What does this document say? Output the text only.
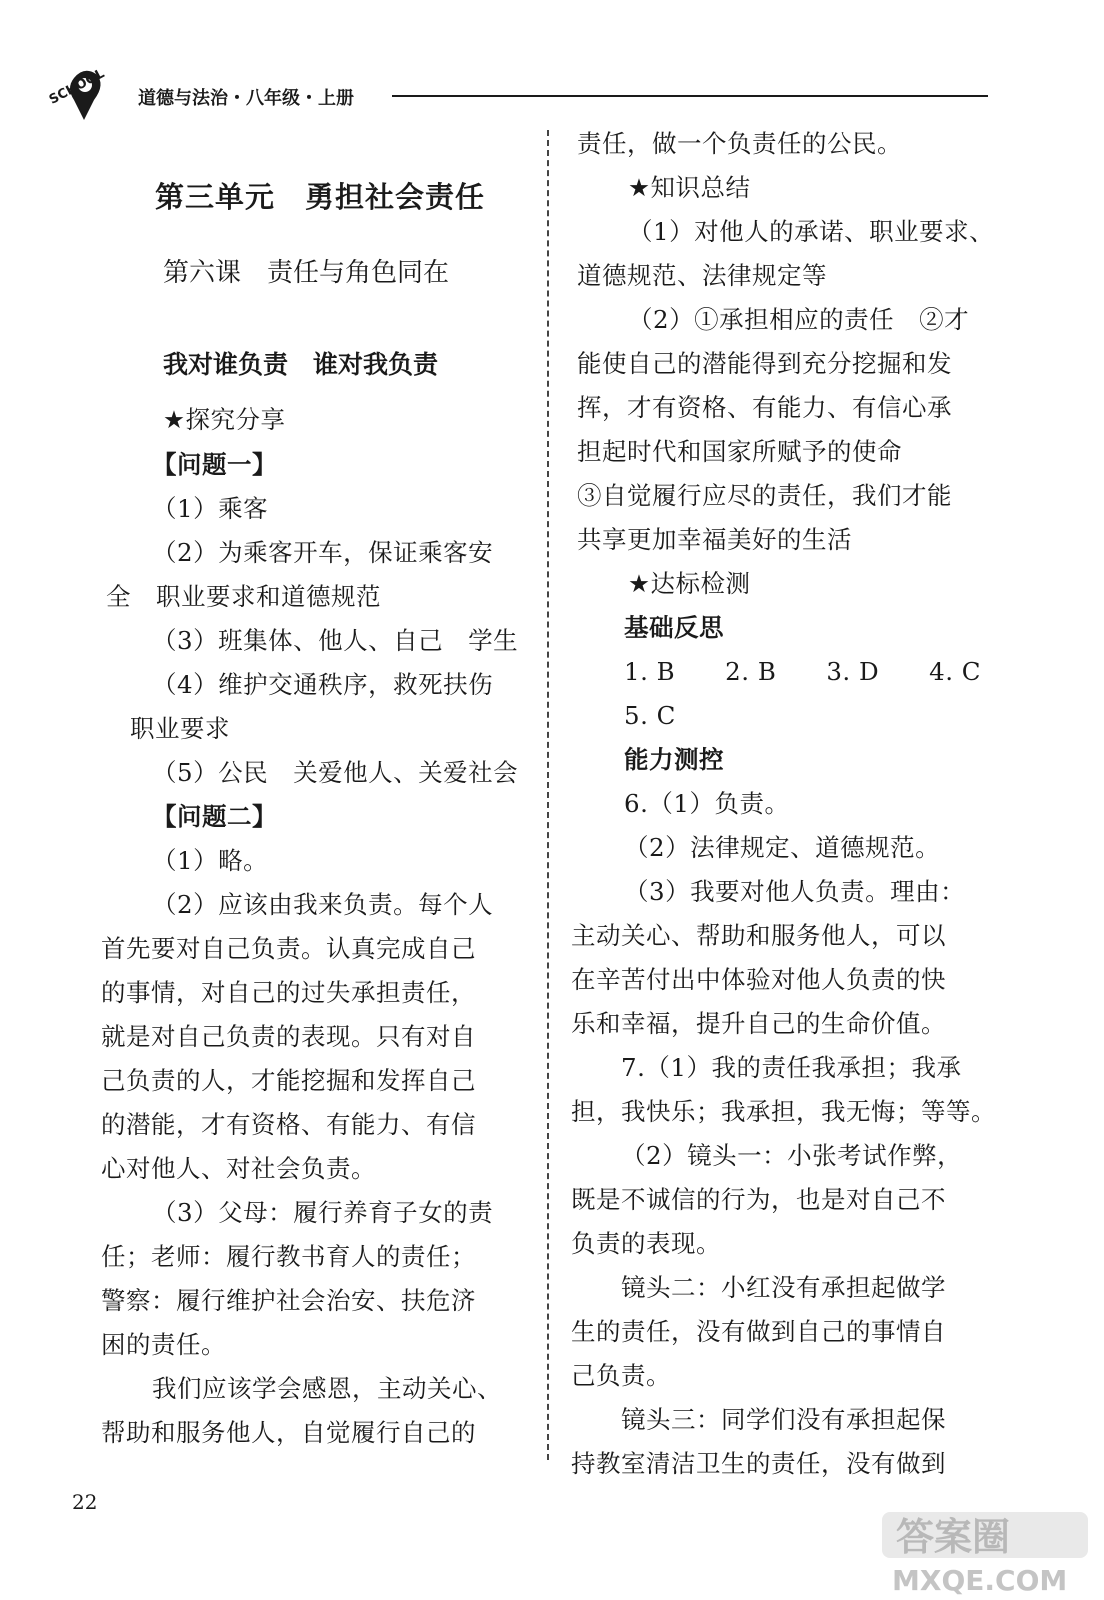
SCHOOL 道德与法治・八年级・上册
第三单元　勇担社会责任
第六课　责任与角色同在
我对谁负责　谁对我负责
★探究分享
【问题一】
（1）乘客
（2）为乘客开车，保证乘客安
全　职业要求和道德规范
（3）班集体、他人、自己　学生
（4）维护交通秩序，救死扶伤
职业要求
（5）公民　关爱他人、关爱社会
【问题二】
（1）略。
（2）应该由我来负责。每个人
首先要对自己负责。认真完成自己
的事情，对自己的过失承担责任，
就是对自己负责的表现。只有对自
己负责的人，才能挖掘和发挥自己
的潜能，才有资格、有能力、有信
心对他人、对社会负责。
（3）父母：履行养育子女的责
任；老师：履行教书育人的责任；
警察：履行维护社会治安、扶危济
困的责任。
我们应该学会感恩，主动关心、
帮助和服务他人，自觉履行自己的
责任，做一个负责任的公民。
★知识总结
（1）对他人的承诺、职业要求、
道德规范、法律规定等
（2）①承担相应的责任　②才
能使自己的潜能得到充分挖掘和发
挥，才有资格、有能力、有信心承
担起时代和国家所赋予的使命
③自觉履行应尽的责任，我们才能
共享更加幸福美好的生活
★达标检测
基础反思
1. B　　2. B　　3. D　　4. C
5. C
能力测控
6.（1）负责。
（2）法律规定、道德规范。
（3）我要对他人负责。理由：
主动关心、帮助和服务他人，可以
在辛苦付出中体验对他人负责的快
乐和幸福，提升自己的生命价值。
7.（1）我的责任我承担；我承
担，我快乐；我承担，我无悔；等等。
（2）镜头一：小张考试作弊，
既是不诚信的行为，也是对自己不
负责的表现。
镜头二：小红没有承担起做学
生的责任，没有做到自己的事情自
己负责。
镜头三：同学们没有承担起保
持教室清洁卫生的责任，没有做到
22
答案圈
MXQE.COM
